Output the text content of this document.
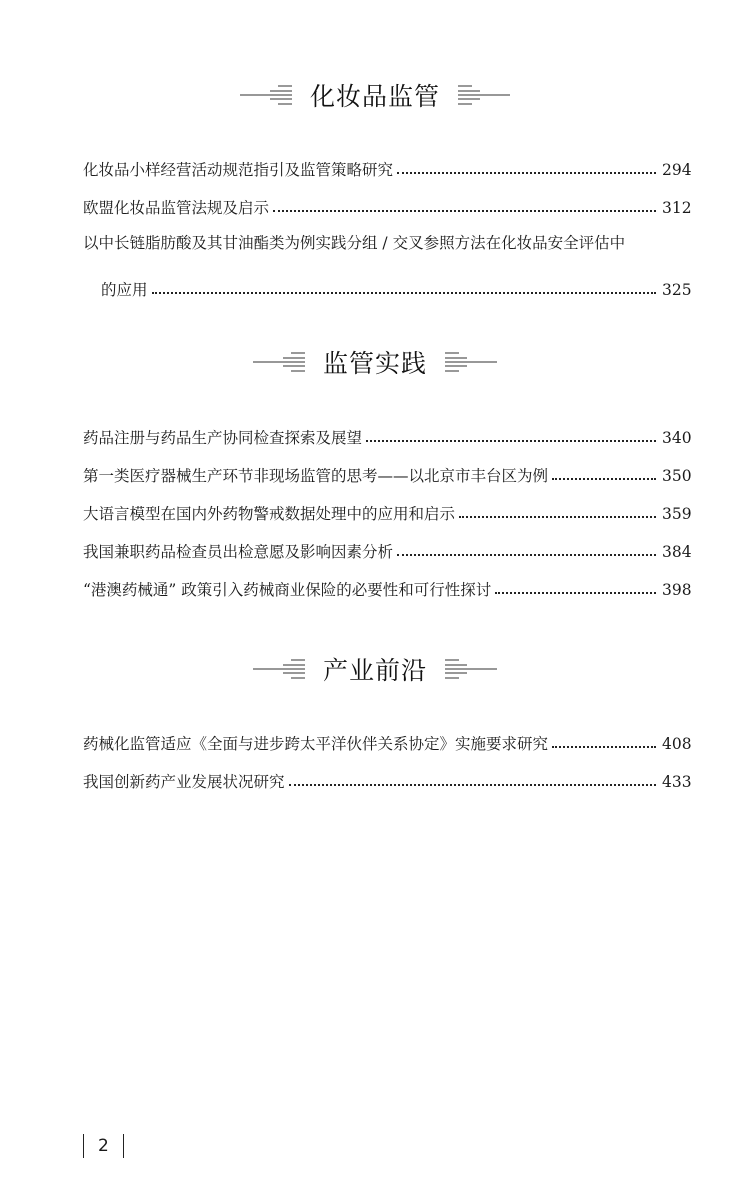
化妆品监管
化妆品小样经营活动规范指引及监管策略研究	294
欧盟化妆品监管法规及启示	312
以中长链脂肪酸及其甘油酯类为例实践分组 / 交叉参照方法在化妆品安全评估中
的应用	325
监管实践
药品注册与药品生产协同检查探索及展望	340
第一类医疗器械生产环节非现场监管的思考——以北京市丰台区为例	350
大语言模型在国内外药物警戒数据处理中的应用和启示	359
我国兼职药品检查员出检意愿及影响因素分析	384
“港澳药械通” 政策引入药械商业保险的必要性和可行性探讨	398
产业前沿
药械化监管适应《全面与进步跨太平洋伙伴关系协定》实施要求研究	408
我国创新药产业发展状况研究	433
2
